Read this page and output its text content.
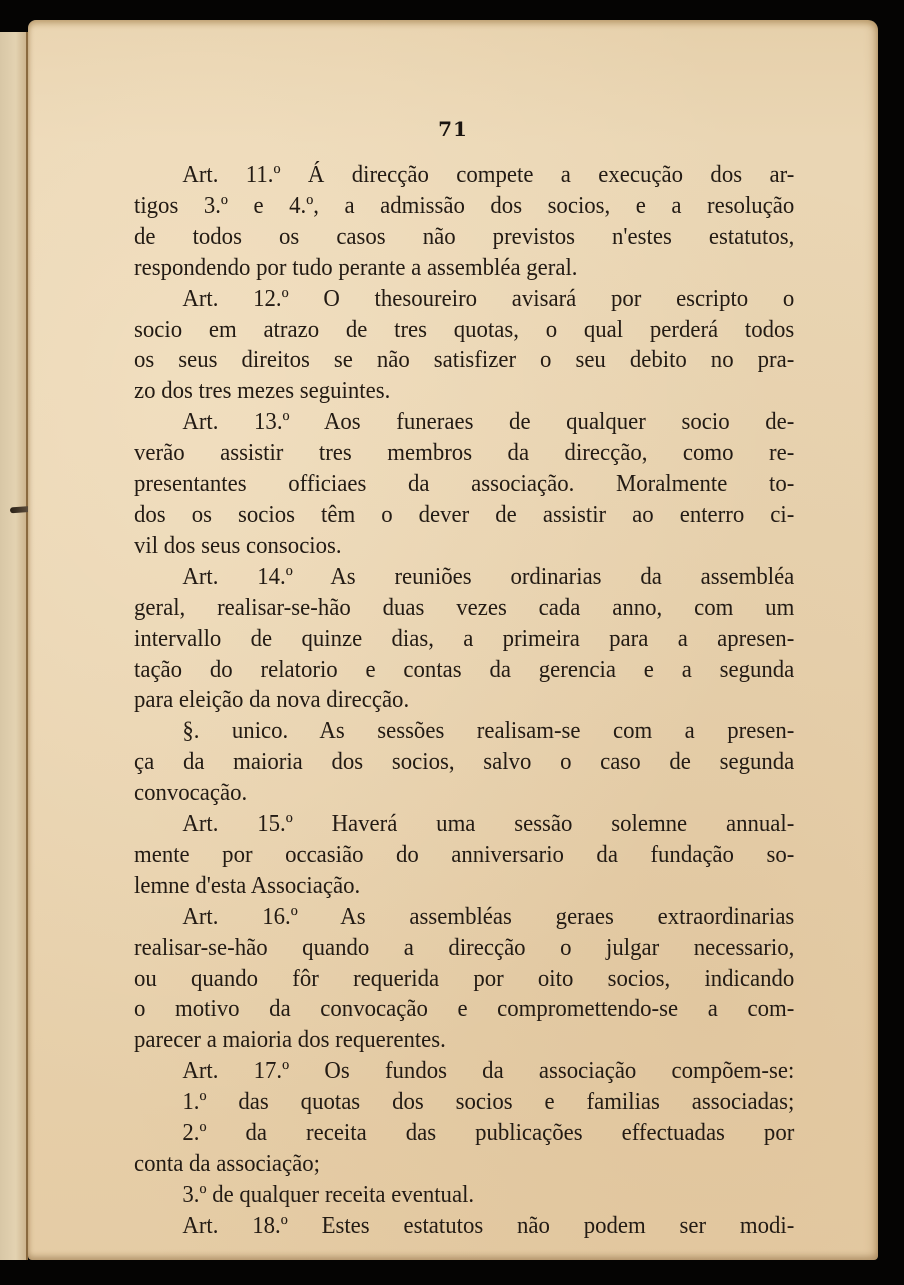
71
Art. 11.º Á direcção compete a execução dos ar-
tigos 3.º e 4.º, a admissão dos socios, e a resolução
de todos os casos não previstos n'estes estatutos,
respondendo por tudo perante a assembléa geral.
Art. 12.º O thesoureiro avisará por escripto o
socio em atrazo de tres quotas, o qual perderá todos
os seus direitos se não satisfizer o seu debito no pra-
zo dos tres mezes seguintes.
Art. 13.º Aos funeraes de qualquer socio de-
verão assistir tres membros da direcção, como re-
presentantes officiaes da associação. Moralmente to-
dos os socios têm o dever de assistir ao enterro ci-
vil dos seus consocios.
Art. 14.º As reuniões ordinarias da assembléa
geral, realisar-se-hão duas vezes cada anno, com um
intervallo de quinze dias, a primeira para a apresen-
tação do relatorio e contas da gerencia e a segunda
para eleição da nova direcção.
§. unico. As sessões realisam-se com a presen-
ça da maioria dos socios, salvo o caso de segunda
convocação.
Art. 15.º Haverá uma sessão solemne annual-
mente por occasião do anniversario da fundação so-
lemne d'esta Associação.
Art. 16.º As assembléas geraes extraordinarias
realisar-se-hão quando a direcção o julgar necessario,
ou quando fôr requerida por oito socios, indicando
o motivo da convocação e compromettendo-se a com-
parecer a maioria dos requerentes.
Art. 17.º Os fundos da associação compõem-se:
1.º das quotas dos socios e familias associadas;
2.º da receita das publicações effectuadas por
conta da associação;
3.º de qualquer receita eventual.
Art. 18.º Estes estatutos não podem ser modi-
